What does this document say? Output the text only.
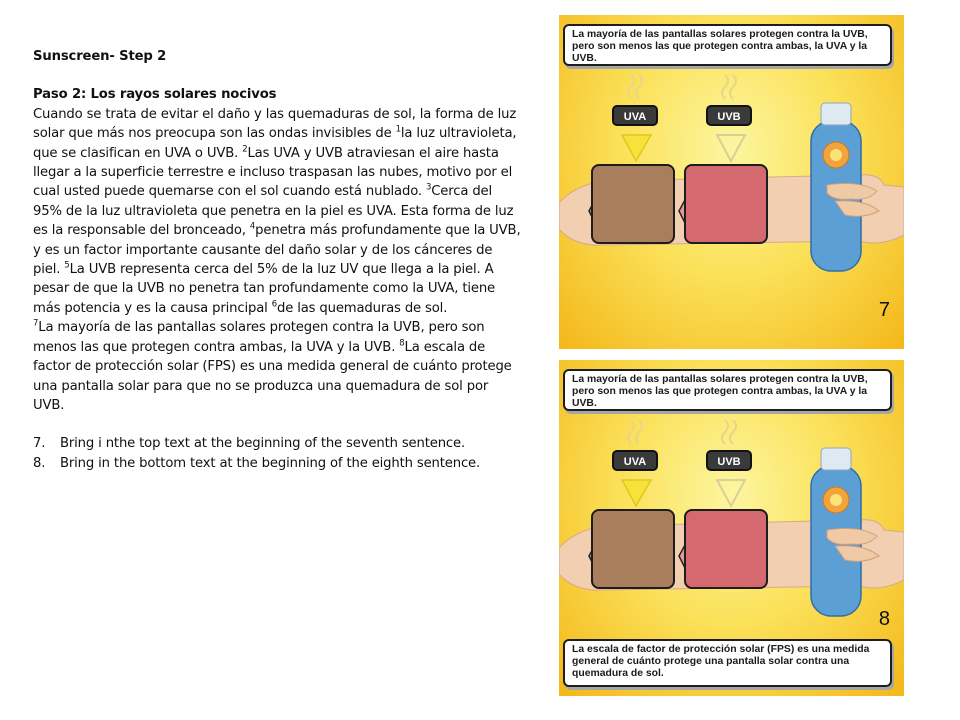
Sunscreen- Step 2

Paso 2: Los rayos solares nocivos

Cuando se trata de evitar el daño y las quemaduras de sol, la forma de luz solar que más nos preocupa son las ondas invisibles de $^1$la luz ultravioleta, que se clasifican en UVA o UVB. $^2$Las UVA y UVB atraviesan el aire hasta llegar a la superficie terrestre e incluso traspasan las nubes, motivo por el cual usted puede quemarse con el sol cuando está nublado. $^3$Cerca del 95% de la luz ultravioleta que penetra en la piel es UVA. Esta forma de luz es la responsable del bronceado, $^4$penetra más profundamente que la UVB, y es un factor importante causante del daño solar y de los cánceres de piel. $^5$La UVB representa cerca del 5% de la luz UV que llega a la piel. A pesar de que la UVB no penetra tan profundamente como la UVA, tiene más potencia y es la causa principal $^6$de las quemaduras de sol.

$^7$La mayoría de las pantallas solares protegen contra la UVB, pero son menos las que protegen contra ambas, la UVA y la UVB. $^8$La escala de factor de protección solar (FPS) es una medida general de cuánto protege una pantalla solar para que no se produzca una quemadura de sol por UVB.

7. Bring i nthe top text at the beginning of the seventh sentence.
8. Bring in the bottom text at the beginning of the eighth sentence.
La mayoría de las pantallas solares protegen contra la UVB, pero son menos las que protegen contra ambas, la UVA y la UVB.
UVA	UVB
7
La mayoría de las pantallas solares protegen contra la UVB, pero son menos las que protegen contra ambas, la UVA y la UVB.
UVA	UVB
8
La escala de factor de protección solar (FPS) es una medida general de cuánto protege una pantalla solar contra una quemadura de sol.
